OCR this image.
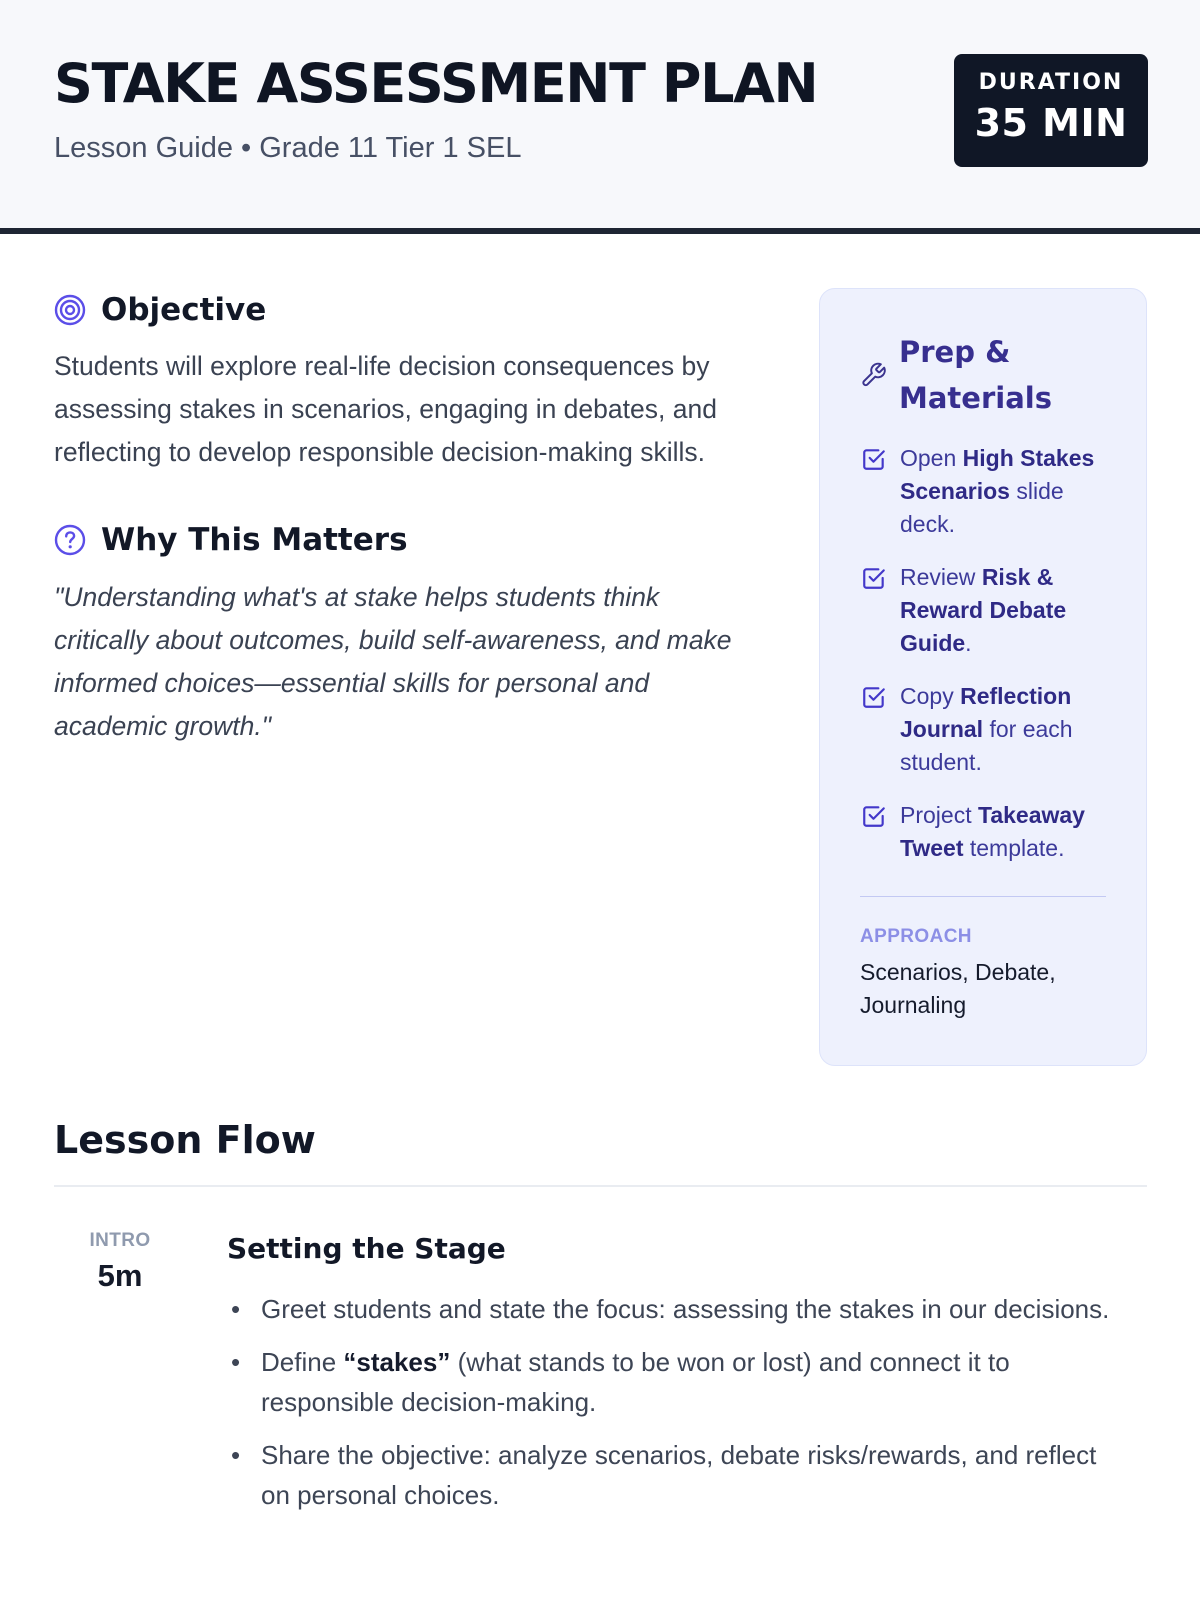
STAKE ASSESSMENT PLAN
Lesson Guide • Grade 11 Tier 1 SEL
DURATION
35 MIN
Objective

Students will explore real-life decision consequences by assessing stakes in scenarios, engaging in debates, and reflecting to develop responsible decision-making skills.

Why This Matters

"Understanding what's at stake helps students think critically about outcomes, build self-awareness, and make informed choices—essential skills for personal and academic growth."

Prep & Materials
Open High Stakes Scenarios slide deck.
Review Risk & Reward Debate Guide.
Copy Reflection Journal for each student.
Project Takeaway Tweet template.
APPROACH
Scenarios, Debate, Journaling
Lesson Flow
INTRO
5m
Setting the Stage
• Greet students and state the focus: assessing the stakes in our decisions.
• Define “stakes” (what stands to be won or lost) and connect it to responsible decision-making.
• Share the objective: analyze scenarios, debate risks/rewards, and reflect on personal choices.
